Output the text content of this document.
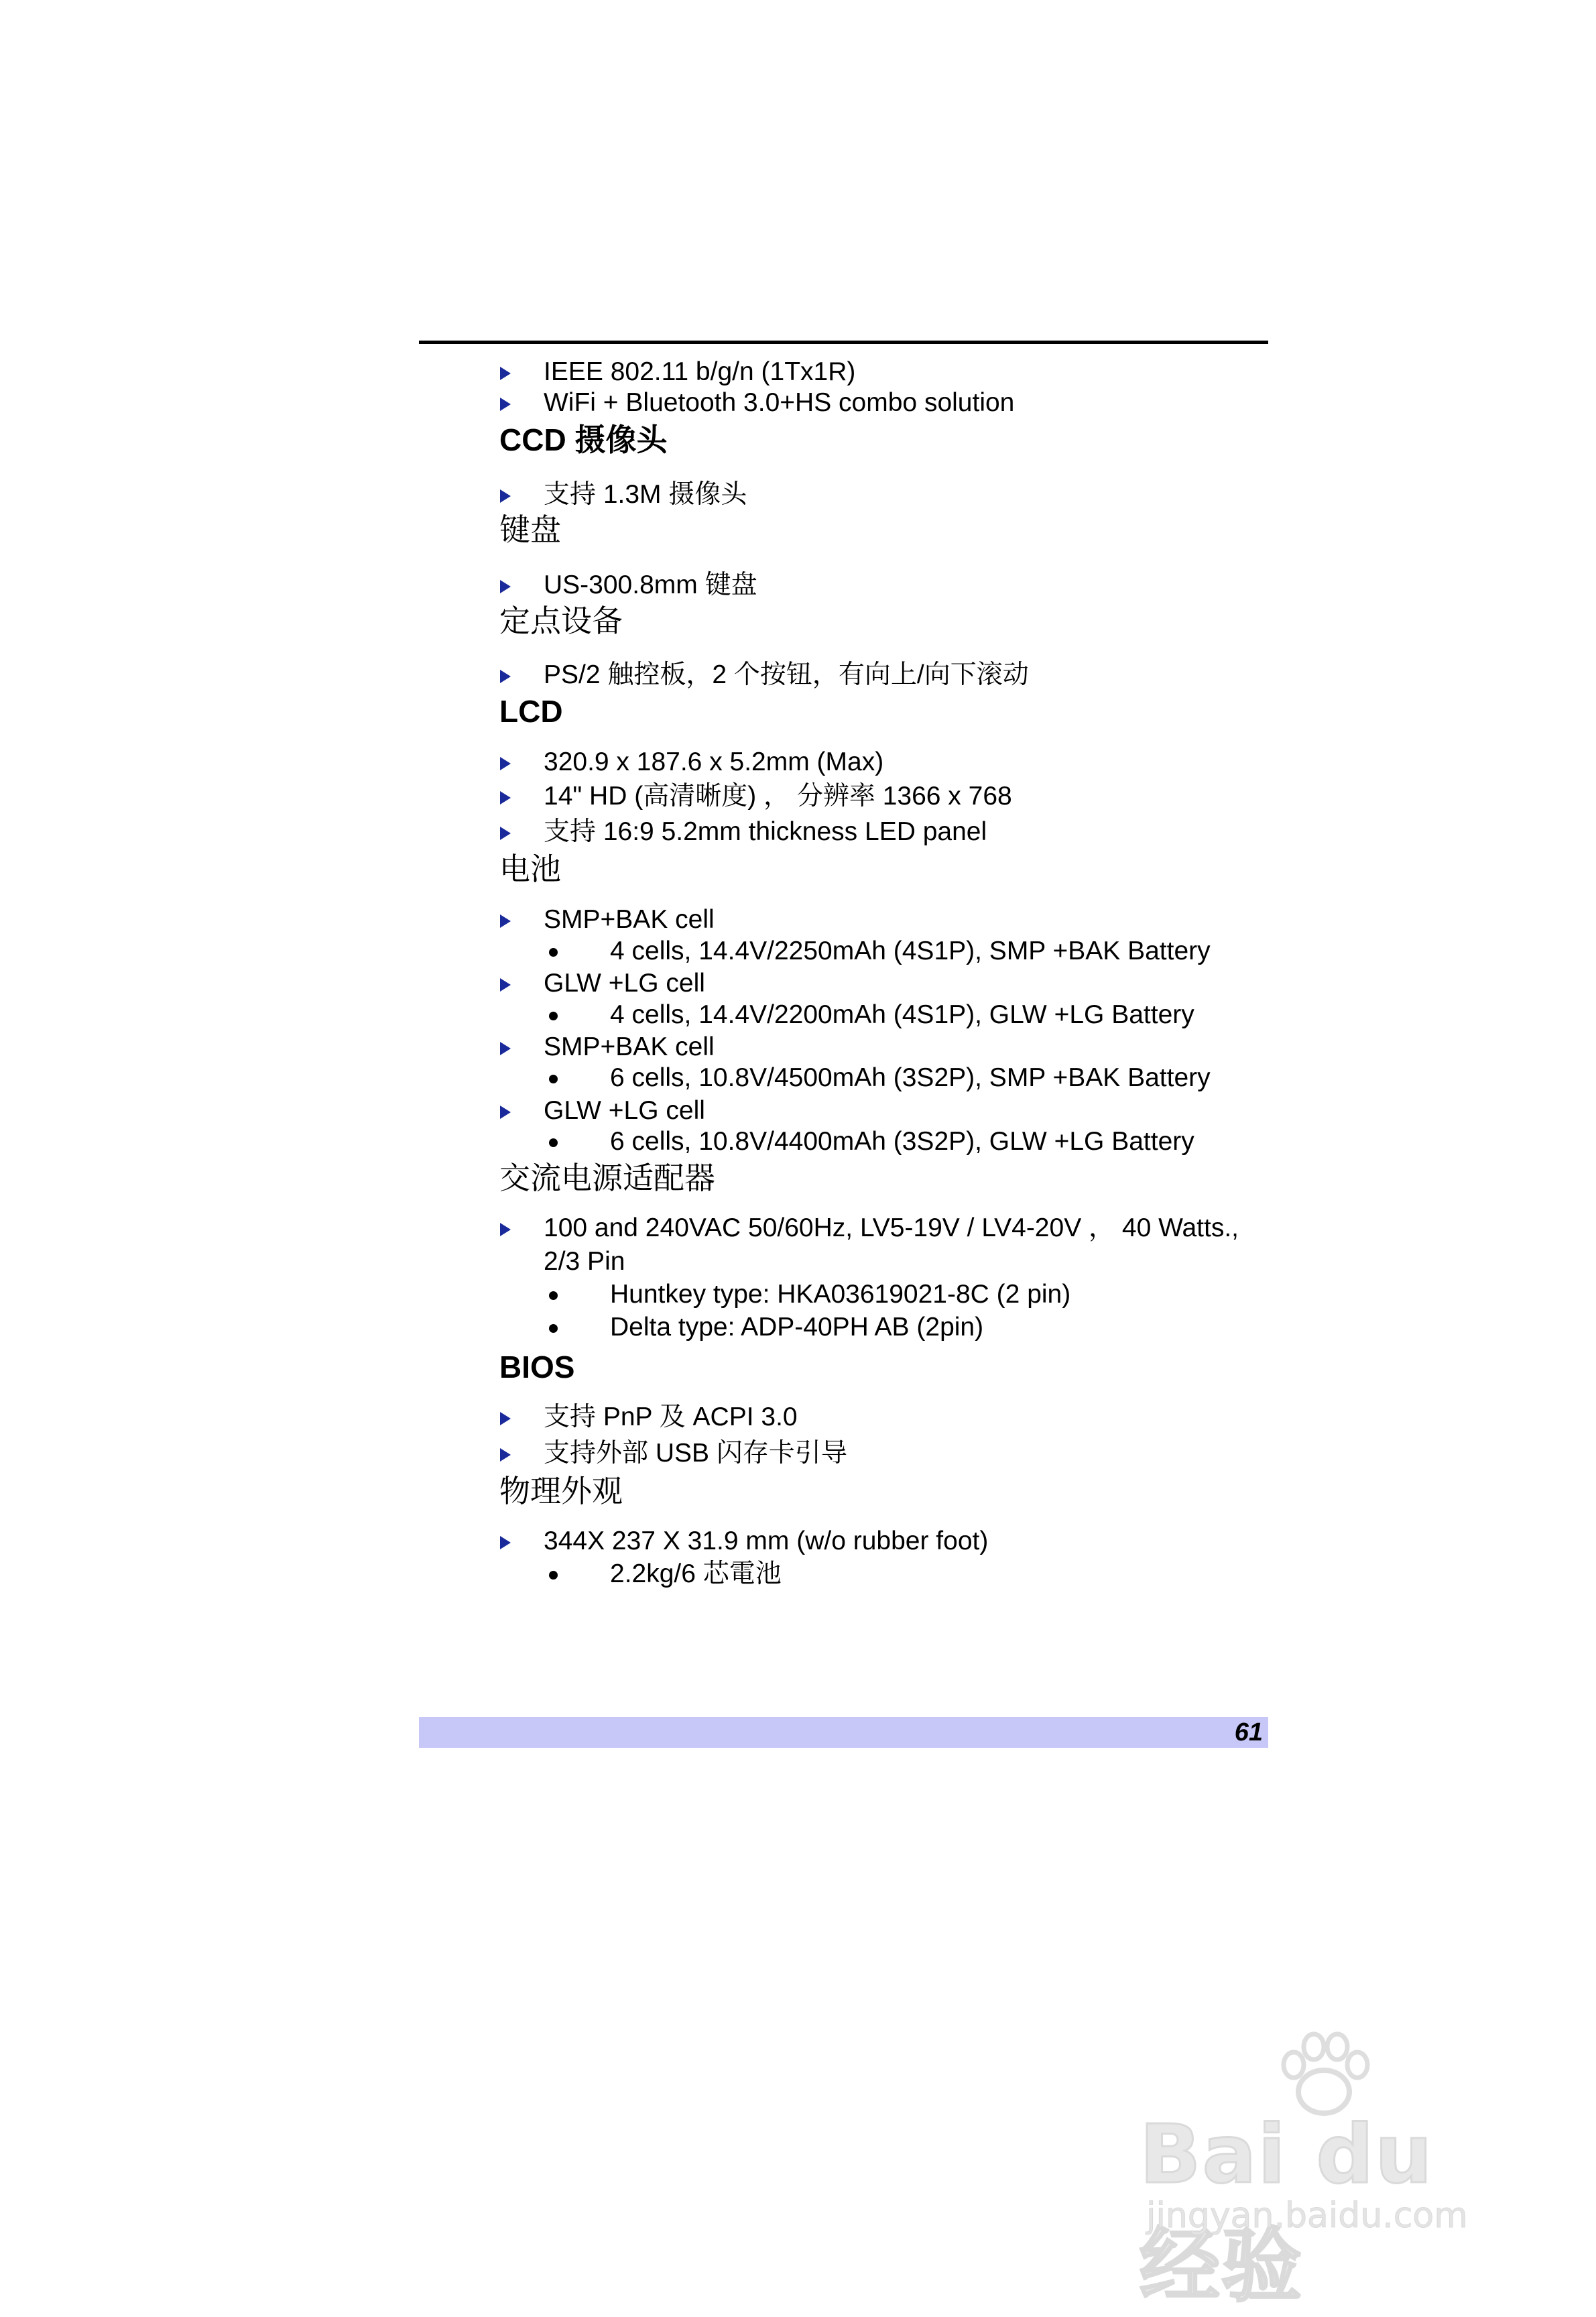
IEEE 802.11 b/g/n (1Tx1R)
WiFi + Bluetooth 3.0+HS combo solution
CCD 摄像头
支持 1.3M 摄像头
键盘
US-300.8mm 键盘
定点设备
PS/2 触控板，2 个按钮，有向上/向下滚动
LCD
320.9 x 187.6 x 5.2mm (Max)
14" HD (高清晰度) ， 分辨率 1366 x 768
支持 16:9 5.2mm thickness LED panel
电池
SMP+BAK cell
4 cells, 14.4V/2250mAh (4S1P), SMP +BAK Battery
GLW +LG cell
4 cells, 14.4V/2200mAh (4S1P), GLW +LG Battery
SMP+BAK cell
6 cells, 10.8V/4500mAh (3S2P), SMP +BAK Battery
GLW +LG cell
6 cells, 10.8V/4400mAh (3S2P), GLW +LG Battery
交流电源适配器
100 and 240VAC 50/60Hz, LV5-19V / LV4-20V ， 40 Watts.,
2/3 Pin
Huntkey type: HKA03619021-8C (2 pin)
Delta type: ADP-40PH AB (2pin)
BIOS
支持 PnP 及 ACPI 3.0
支持外部 USB 闪存卡引导
物理外观
344X 237 X 31.9 mm (w/o rubber foot)
2.2kg/6 芯電池
61
Bai du 经验
jingyan.baidu.com
